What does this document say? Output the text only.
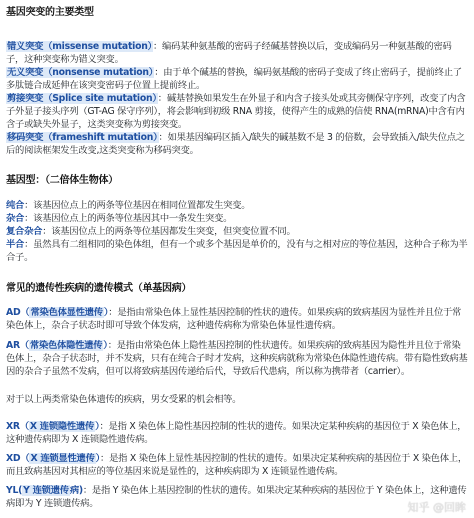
基因突变的主要类型

错义突变（missense mutation）：编码某种氨基酸的密码子经碱基替换以后，变成编码另一种氨基酸的密码子，这种突变称为错义突变。

无义突变（nonsense mutation）：由于单个碱基的替换，编码氨基酸的密码子变成了终止密码子，提前终止了多肽链合成延伸在该突变密码子位置上提前终止。

剪接突变（Splice site mutation）：碱基替换如果发生在外显子和内含子接头处或其旁侧保守序列，改变了内含子外显子接头序列（GT-AG 保守序列），将会影响到初级 RNA 剪接，使得产生的成熟的信使 RNA(mRNA)中含有内含子或缺失外显子，这类突变称为剪接突变。

移码突变（frameshift mutation）：如果基因编码区插入/缺失的碱基数不是 3 的倍数，会导致插入/缺失位点之后的阅读框架发生改变,这类突变称为移码突变。

基因型：（二倍体生物体）

纯合：该基因位点上的两条等位基因在相同位置都发生突变。

杂合：该基因位点上的两条等位基因其中一条发生突变。

复合杂合：该基因位点上的两条等位基因都发生突变，但突变位置不同。

半合：虽然具有二组相同的染色体组，但有一个或多个基因是单价的，没有与之相对应的等位基因，这种合子称为半合子。

常见的遗传性疾病的遗传模式（单基因病）

AD（常染色体显性遗传）：是指由常染色体上显性基因控制的性状的遗传。如果疾病的致病基因为显性并且位于常染色体上，杂合子状态时即可导致个体发病，这种遗传病称为常染色体显性遗传病。

AR（常染色体隐性遗传）：是指由常染色体上隐性基因控制的性状遗传。如果疾病的致病基因为隐性并且位于常染色体上，杂合子状态时，并不发病，只有在纯合子时才发病，这种疾病就称为常染色体隐性遗传病。带有隐性致病基因的杂合子虽然不发病，但可以将致病基因传递给后代，导致后代患病，所以称为携带者（carrier）。

对于以上两类常染色体遗传的疾病，男女受累的机会相等。

XR（X 连锁隐性遗传）：是指 X 染色体上隐性基因控制的性状的遗传。如果决定某种疾病的基因位于 X 染色体上，这种遗传病即为 X 连锁隐性遗传病。

XD（X 连锁显性遗传）：是指 X 染色体上显性基因控制的性状的遗传。如果决定某种疾病的基因位于 X 染色体上，而且致病基因对其相应的等位基因来说是显性的，这种疾病即为 X 连锁显性遗传病。

YL(Y 连锁遗传病)：是指 Y 染色体上基因控制的性状的遗传。如果决定某种疾病的基因位于 Y 染色体上，这种遗传病即为 Y 连锁遗传病。	知乎 @回眸
